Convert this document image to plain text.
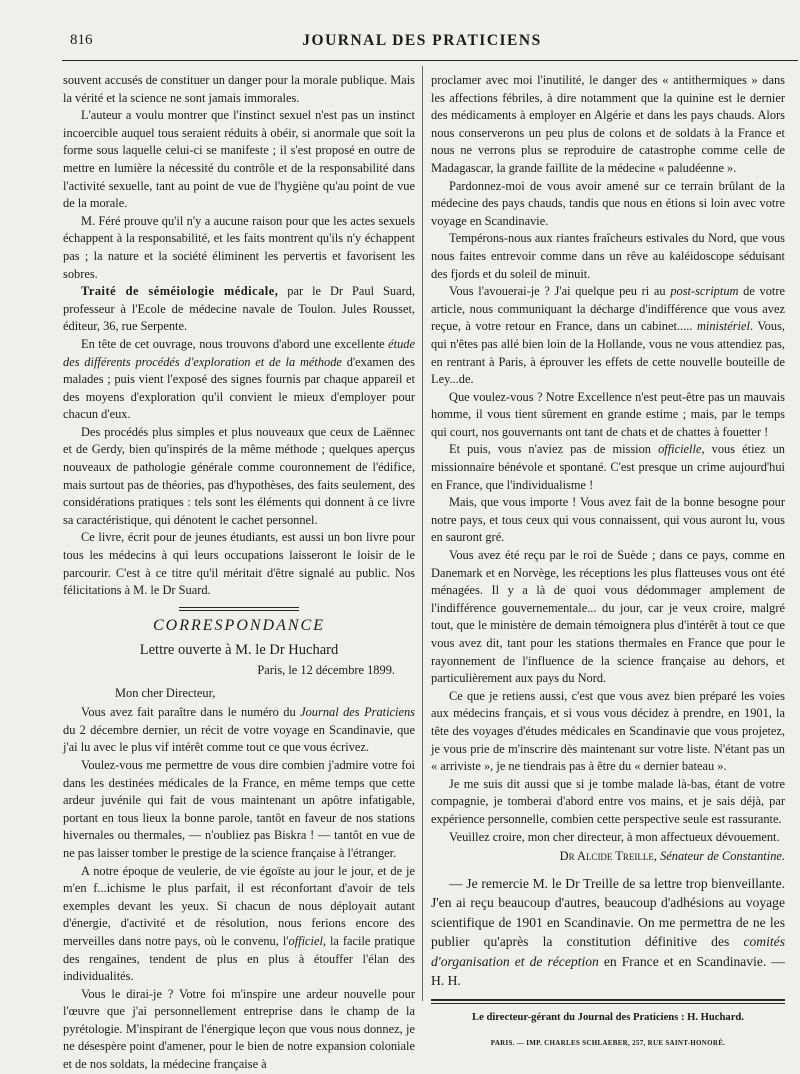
816	JOURNAL DES PRATICIENS

souvent accusés de constituer un danger pour la morale publique. Mais la vérité et la science ne sont jamais immorales.

L'auteur a voulu montrer que l'instinct sexuel n'est pas un instinct incoercible auquel tous seraient réduits à obéir, si anormale que soit la forme sous laquelle celui-ci se manifeste ; il s'est proposé en outre de mettre en lumière la nécessité du contrôle et de la responsabilité dans l'activité sexuelle, tant au point de vue de l'hygiène qu'au point de vue de la morale.

M. Féré prouve qu'il n'y a aucune raison pour que les actes sexuels échappent à la responsabilité, et les faits montrent qu'ils n'y échappent pas ; la nature et la société éliminent les pervertis et favorisent les sobres.

Traité de séméiologie médicale, par le Dr Paul Suard, professeur à l'Ecole de médecine navale de Toulon. Jules Rousset, éditeur, 36, rue Serpente.

En tête de cet ouvrage, nous trouvons d'abord une excellente étude des différents procédés d'exploration et de la méthode d'examen des malades ; puis vient l'exposé des signes fournis par chaque appareil et des moyens d'exploration qu'il convient le mieux d'employer pour chacun d'eux.

Des procédés plus simples et plus nouveaux que ceux de Laënnec et de Gerdy, bien qu'inspirés de la même méthode ; quelques aperçus nouveaux de pathologie générale comme couronnement de l'édifice, mais surtout pas de théories, pas d'hypothèses, des faits seulement, des considérations pratiques : tels sont les éléments qui donnent à ce livre sa caractéristique, qui dénotent le cachet personnel.

Ce livre, écrit pour de jeunes étudiants, est aussi un bon livre pour tous les médecins à qui leurs occupations laisseront le loisir de le parcourir. C'est à ce titre qu'il méritait d'être signalé au public. Nos félicitations à M. le Dr Suard.

CORRESPONDANCE
Lettre ouverte à M. le Dr Huchard
Paris, le 12 décembre 1899.
Mon cher Directeur,

Vous avez fait paraître dans le numéro du Journal des Praticiens du 2 décembre dernier, un récit de votre voyage en Scandinavie, que j'ai lu avec le plus vif intérêt comme tout ce que vous écrivez.

Voulez-vous me permettre de vous dire combien j'admire votre foi dans les destinées médicales de la France, en même temps que cette ardeur juvénile qui fait de vous maintenant un apôtre infatigable, portant en tous lieux la bonne parole, tantôt en faveur de nos stations hivernales ou thermales, — n'oubliez pas Biskra ! — tantôt en vue de ne pas laisser tomber le prestige de la science française à l'étranger.

A notre époque de veulerie, de vie égoïste au jour le jour, et de je m'en f...ichisme le plus parfait, il est réconfortant d'avoir de tels exemples devant les yeux. Si chacun de nous déployait autant d'énergie, d'activité et de résolution, nous ferions encore des merveilles dans notre pays, où le convenu, l'officiel, la facile pratique des rengaines, tendent de plus en plus à étouffer l'élan des individualités.

Vous le dirai-je ? Votre foi m'inspire une ardeur nouvelle pour l'œuvre que j'ai personnellement entreprise dans le champ de la pyrétologie. M'inspirant de l'énergique leçon que vous nous donnez, je ne désespère point d'amener, pour le bien de notre expansion coloniale et de nos soldats, la médecine française à

proclamer avec moi l'inutilité, le danger des « antithermiques » dans les affections fébriles, à dire notamment que la quinine est le dernier des médicaments à employer en Algérie et dans les pays chauds. Alors nous conserverons un peu plus de colons et de soldats à la France et nous ne verrons plus se reproduire de catastrophe comme celle de Madagascar, la grande faillite de la médecine « paludéenne ».

Pardonnez-moi de vous avoir amené sur ce terrain brûlant de la médecine des pays chauds, tandis que nous en étions si loin avec votre voyage en Scandinavie.

Tempérons-nous aux riantes fraîcheurs estivales du Nord, que vous nous faites entrevoir comme dans un rêve au kaléidoscope séduisant des fjords et du soleil de minuit.

Vous l'avouerai-je ? J'ai quelque peu ri au post-scriptum de votre article, nous communiquant la décharge d'indifférence que vous avez reçue, à votre retour en France, dans un cabinet..... ministériel. Vous, qui n'êtes pas allé bien loin de la Hollande, vous ne vous attendiez pas, en rentrant à Paris, à éprouver les effets de cette nouvelle bouteille de Ley...de.

Que voulez-vous ? Notre Excellence n'est peut-être pas un mauvais homme, il vous tient sûrement en grande estime ; mais, par le temps qui court, nos gouvernants ont tant de chats et de chattes à fouetter !

Et puis, vous n'aviez pas de mission officielle, vous étiez un missionnaire bénévole et spontané. C'est presque un crime aujourd'hui en France, que l'individualisme !

Mais, que vous importe ! Vous avez fait de la bonne besogne pour notre pays, et tous ceux qui vous connaissent, qui vous auront lu, vous en sauront gré.

Vous avez été reçu par le roi de Suède ; dans ce pays, comme en Danemark et en Norvège, les réceptions les plus flatteuses vous ont été ménagées. Il y a là de quoi vous dédommager amplement de l'indifférence gouvernementale... du jour, car je veux croire, malgré tout, que le ministère de demain témoignera plus d'intérêt à tout ce que vous avez dit, tant pour les stations thermales en France que pour le rayonnement de l'influence de la science française au dehors, et particulièrement aux pays du Nord.

Ce que je retiens aussi, c'est que vous avez bien préparé les voies aux médecins français, et si vous vous décidez à prendre, en 1901, la tête des voyages d'études médicales en Scandinavie que vous projetez, je vous prie de m'inscrire dès maintenant sur votre liste. N'étant pas un « arriviste », je ne tiendrais pas à être du « dernier bateau ».

Je me suis dit aussi que si je tombe malade là-bas, étant de votre compagnie, je tomberai d'abord entre vos mains, et je sais déjà, par expérience personnelle, combien cette perspective seule est rassurante.

Veuillez croire, mon cher directeur, à mon affectueux dévouement.

Dr Alcide Treille, Sénateur de Constantine.

— Je remercie M. le Dr Treille de sa lettre trop bienveillante. J'en ai reçu beaucoup d'autres, beaucoup d'adhésions au voyage scientifique de 1901 en Scandinavie. On me permettra de ne les publier qu'après la constitution définitive des comités d'organisation et de réception en France et en Scandinavie. — H. H.

Le directeur-gérant du Journal des Praticiens : H. Huchard.
PARIS. — IMP. CHARLES SCHLAEBER, 257, RUE SAINT-HONORÉ.
